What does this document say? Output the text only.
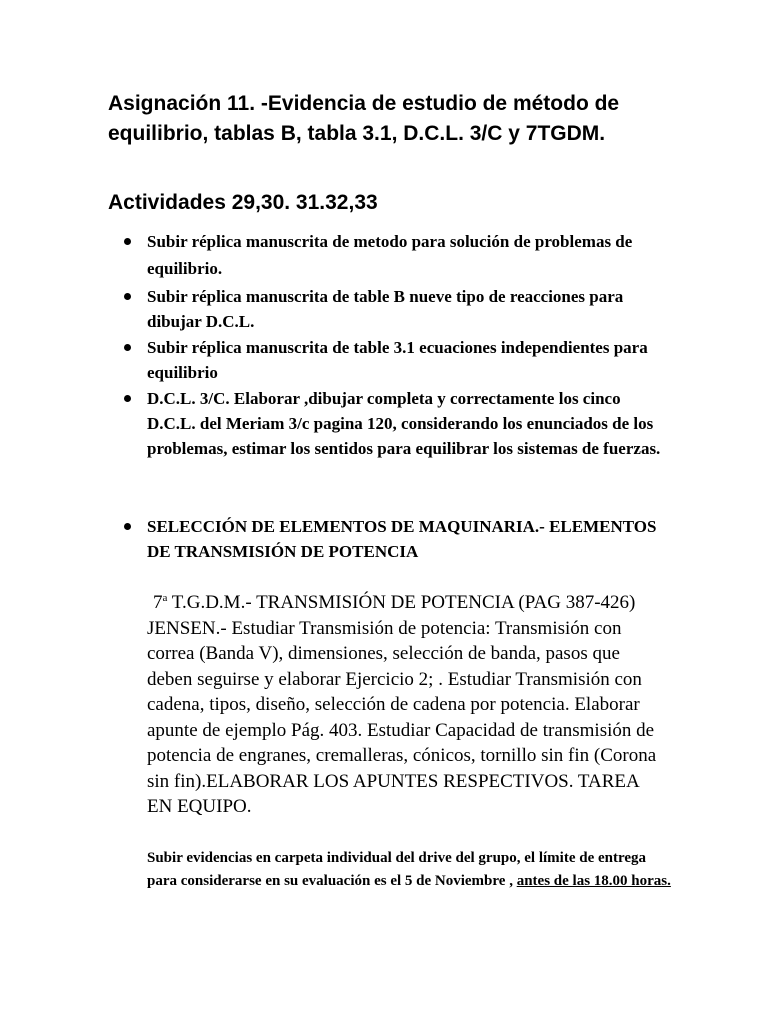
Asignación 11. -Evidencia de estudio de método de equilibrio, tablas B, tabla 3.1, D.C.L. 3/C y 7TGDM.
Actividades 29,30. 31.32,33

Subir réplica manuscrita de metodo para solución de problemas de equilibrio.

Subir réplica manuscrita de table B nueve tipo de reacciones para dibujar D.C.L.

Subir réplica manuscrita de table 3.1 ecuaciones independientes para equilibrio

D.C.L. 3/C. Elaborar ,dibujar completa y correctamente los cinco D.C.L. del Meriam 3/c pagina 120, considerando los enunciados de los problemas, estimar los sentidos para equilibrar los sistemas de fuerzas.

SELECCIÓN DE ELEMENTOS DE MAQUINARIA.- ELEMENTOS DE TRANSMISIÓN DE POTENCIA

7$^a$ T.G.D.M.- TRANSMISIÓN DE POTENCIA (PAG 387-426) JENSEN.- Estudiar Transmisión de potencia: Transmisión con correa (Banda V), dimensiones, selección de banda, pasos que deben seguirse y elaborar Ejercicio 2; . Estudiar Transmisión con cadena, tipos, diseño, selección de cadena por potencia. Elaborar apunte de ejemplo Pág. 403. Estudiar Capacidad de transmisión de potencia de engranes, cremalleras, cónicos, tornillo sin fin (Corona sin fin).ELABORAR LOS APUNTES RESPECTIVOS. TAREA EN EQUIPO.

Subir evidencias en carpeta individual del drive del grupo, el límite de entrega para considerarse en su evaluación es el 5 de Noviembre , antes de las 18.00 horas.
